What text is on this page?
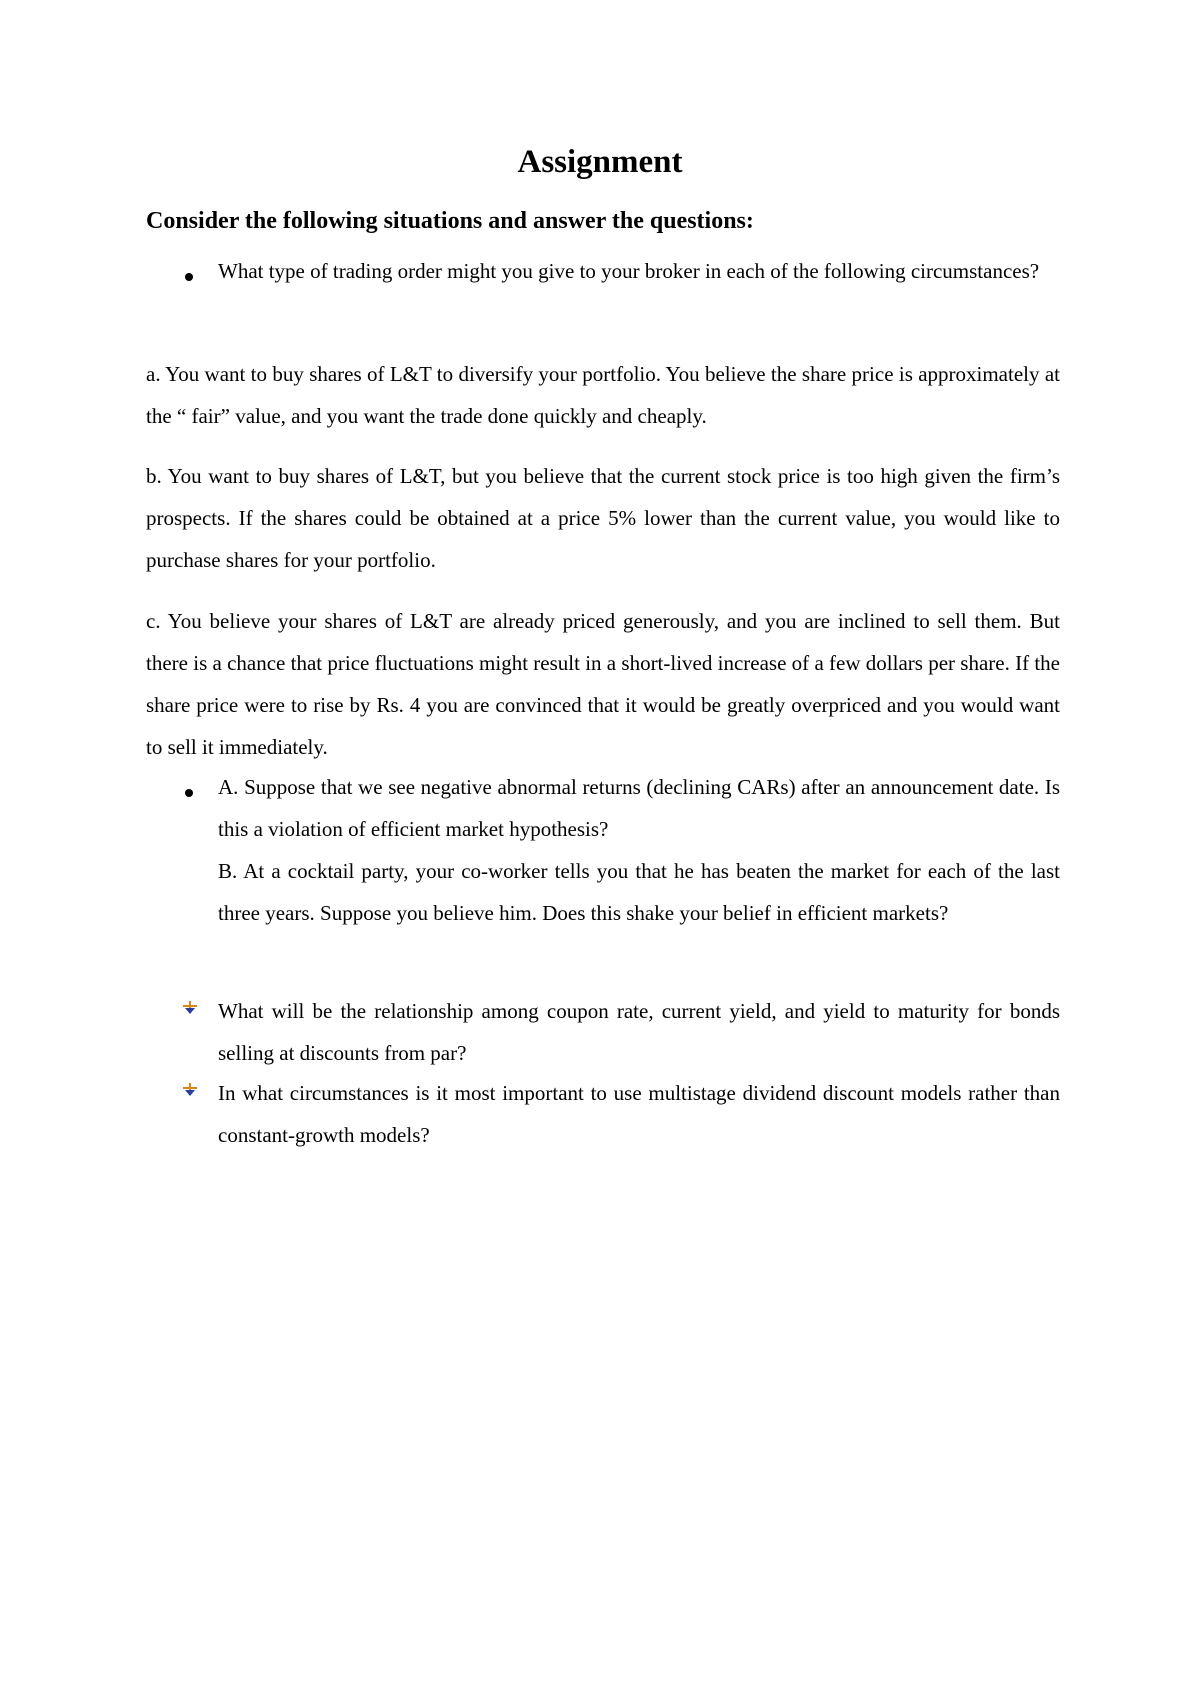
Assignment
Consider the following situations and answer the questions:

What type of trading order might you give to your broker in each of the following circumstances?

a. You want to buy shares of L&T to diversify your portfolio. You believe the share price is approximately at the “ fair” value, and you want the trade done quickly and cheaply.

b. You want to buy shares of L&T, but you believe that the current stock price is too high given the firm’s prospects. If the shares could be obtained at a price 5% lower than the current value, you would like to purchase shares for your portfolio.

c. You believe your shares of L&T are already priced generously, and you are inclined to sell them. But there is a chance that price fluctuations might result in a short-lived increase of a few dollars per share. If the share price were to rise by Rs. 4 you are convinced that it would be greatly overpriced and you would want to sell it immediately.

A. Suppose that we see negative abnormal returns (declining CARs) after an announcement date. Is this a violation of efficient market hypothesis?

B. At a cocktail party, your co-worker tells you that he has beaten the market for each of the last three years. Suppose you believe him. Does this shake your belief in efficient markets?

What will be the relationship among coupon rate, current yield, and yield to maturity for bonds selling at discounts from par?

In what circumstances is it most important to use multistage dividend discount models rather than constant-growth models?
